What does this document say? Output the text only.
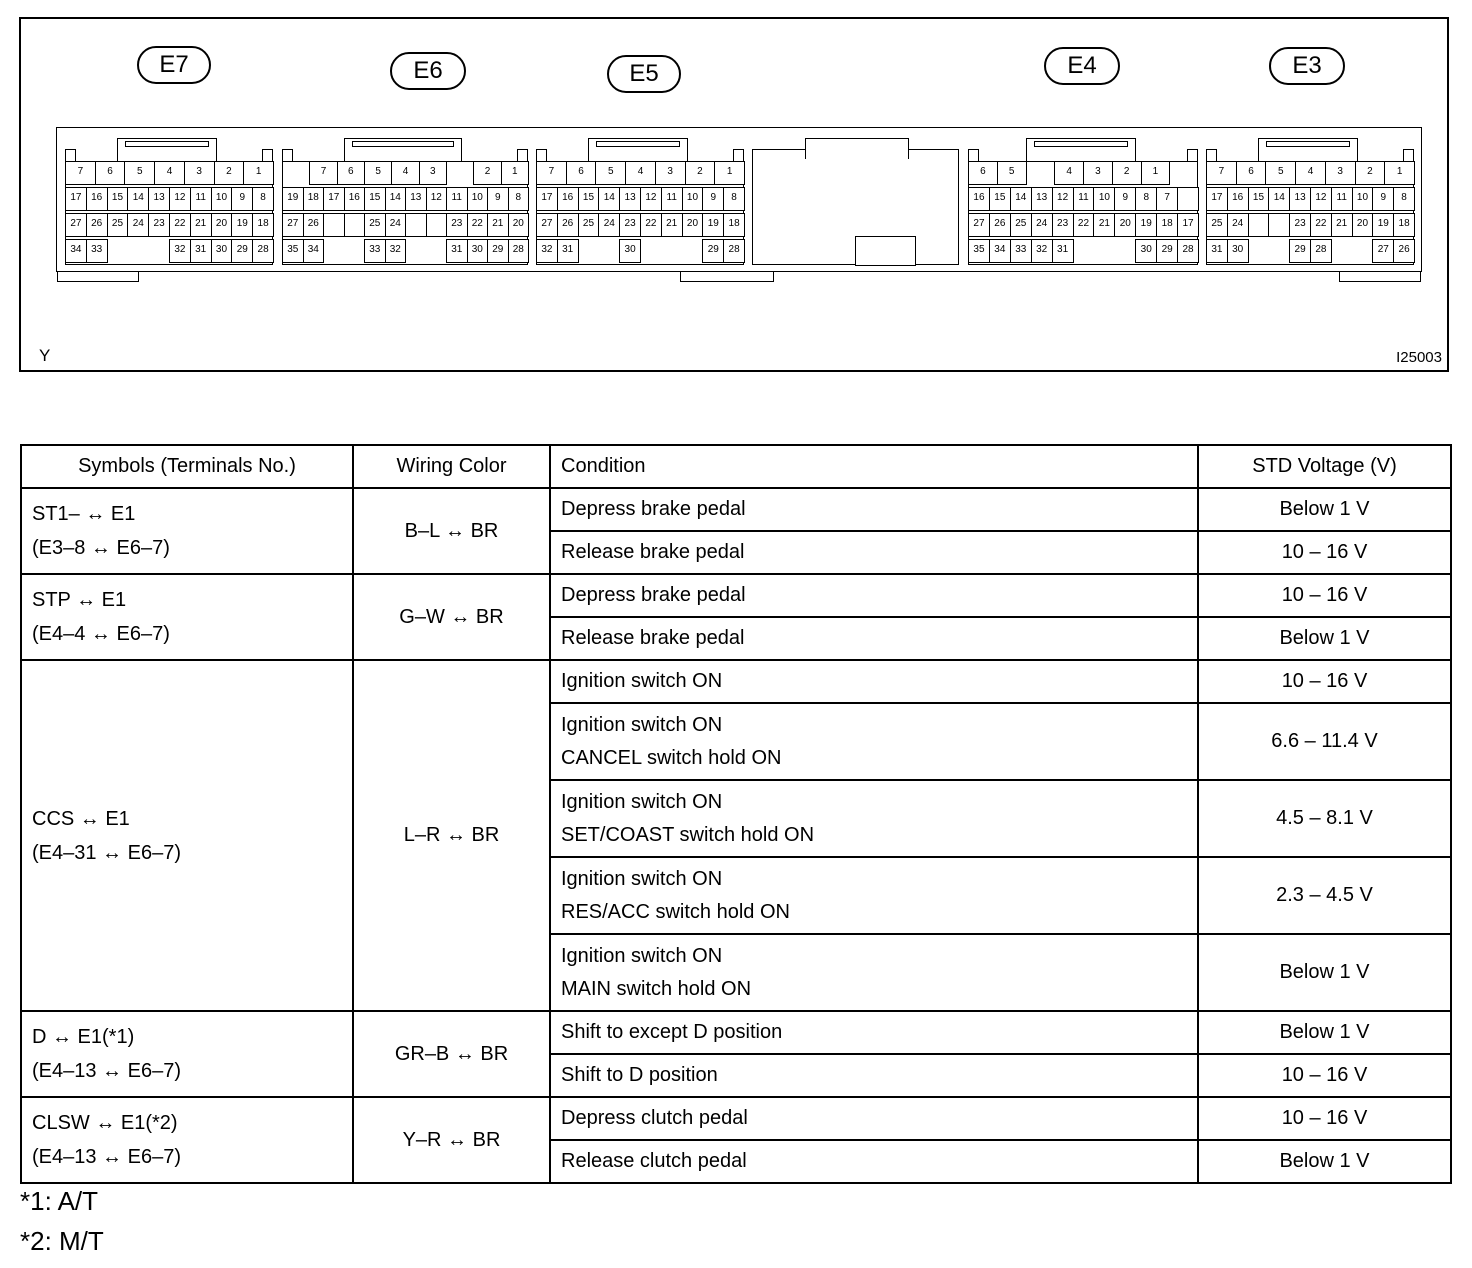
E7	E6	E5	E4	E3
Y	I25003
7	6	5	4	3	2	1
17 16 15 14 13 12	11	10	9	8
27 26 25 24 23 22 21 20 19 18
34 33	32 31 30 29 28
7	6	5	4	3	2	1
19 18 17 16 15 14 13 12 11 10	9	8
27 26	25 24	23 22 21 20
35 34	33 32	31 30 29 28
7	6	5	4	3	2	1
17 16 15 14 13 12	11	10	9	8
27 26 25 24 23 22 21 20 19 18
32 31	30	29 28
6	5	4	3	2	1
16 15 14 13 12	11	10	9	8	7
27 26 25 24 23 22 21 20 19 18 17
35 34 33 32 31	30 29 28
7	6	5	4	3	2	1
17 16 15 14 13 12	11	10	9	8
25 24	23 22 21 20 19 18
31 30	29 28	27 26
Symbols (Terminals No.)	Wiring Color	Condition	STD Voltage (V)

ST1– ↔ E1
(E3–8 ↔ E6–7)	B–L ↔ BR	Depress brake pedal	Below 1 V

		Release brake pedal	10 – 16 V

STP ↔ E1
(E4–4 ↔ E6–7)	G–W ↔ BR	Depress brake pedal	10 – 16 V

		Release brake pedal	Below 1 V

CCS ↔ E1
(E4–31 ↔ E6–7)	L–R ↔ BR	Ignition switch ON	10 – 16 V

		Ignition switch ON
CANCEL switch hold ON	6.6 – 11.4 V

		Ignition switch ON
SET/COAST switch hold ON	4.5 – 8.1 V

		Ignition switch ON
RES/ACC switch hold ON	2.3 – 4.5 V

		Ignition switch ON
MAIN switch hold ON	Below 1 V

D ↔ E1(*1)
(E4–13 ↔ E6–7)	GR–B ↔ BR	Shift to except D position	Below 1 V

		Shift to D position	10 – 16 V

CLSW ↔ E1(*2)
(E4–13 ↔ E6–7)	Y–R ↔ BR	Depress clutch pedal	10 – 16 V

		Release clutch pedal	Below 1 V
*1: A/T
*2: M/T
